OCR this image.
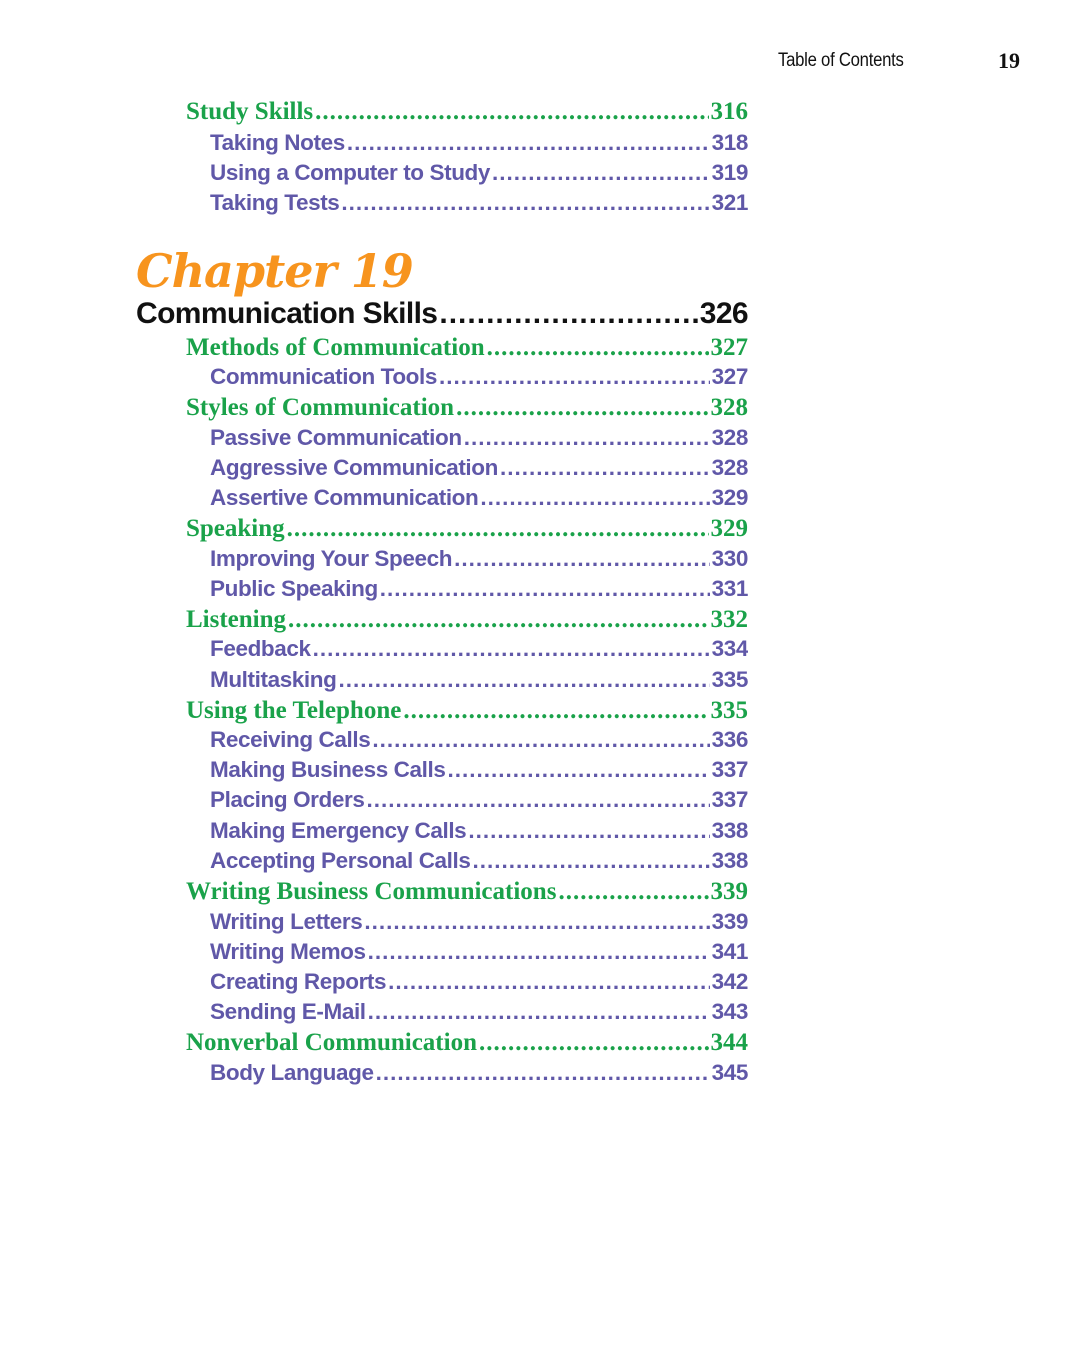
Table of Contents	19
Study Skills .....	316
Taking Notes .....	318
Using a Computer to Study .....	319
Taking Tests .....	321
Chapter 19
Communication Skills .....	326
Methods of Communication .....	327
Communication Tools .....	327
Styles of Communication .....	328
Passive Communication .....	328
Aggressive Communication .....	328
Assertive Communication .....	329
Speaking .....	329
Improving Your Speech .....	330
Public Speaking .....	331
Listening .....	332
Feedback .....	334
Multitasking .....	335
Using the Telephone .....	335
Receiving Calls .....	336
Making Business Calls .....	337
Placing Orders .....	337
Making Emergency Calls .....	338
Accepting Personal Calls .....	338
Writing Business Communications .....	339
Writing Letters .....	339
Writing Memos .....	341
Creating Reports .....	342
Sending E-Mail .....	343
Nonverbal Communication .....	344
Body Language .....	345
